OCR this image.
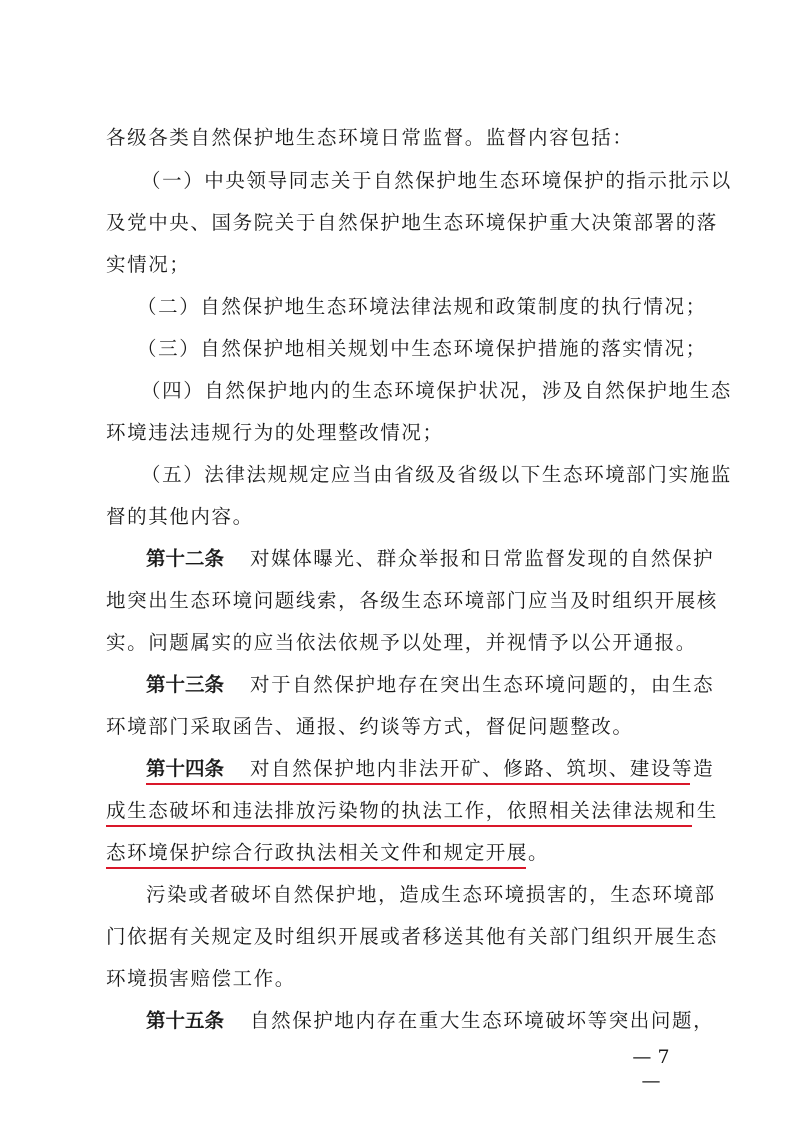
各级各类自然保护地生态环境日常监督。监督内容包括：
（一）中央领导同志关于自然保护地生态环境保护的指示批示以
及党中央、国务院关于自然保护地生态环境保护重大决策部署的落
实情况；
（二）自然保护地生态环境法律法规和政策制度的执行情况；
（三）自然保护地相关规划中生态环境保护措施的落实情况；
（四）自然保护地内的生态环境保护状况，涉及自然保护地生态
环境违法违规行为的处理整改情况；
（五）法律法规规定应当由省级及省级以下生态环境部门实施监
督的其他内容。
第十二条 对媒体曝光、群众举报和日常监督发现的自然保护
地突出生态环境问题线索，各级生态环境部门应当及时组织开展核
实。问题属实的应当依法依规予以处理，并视情予以公开通报。
第十三条 对于自然保护地存在突出生态环境问题的，由生态
环境部门采取函告、通报、约谈等方式，督促问题整改。
第十四条 对自然保护地内非法开矿、修路、筑坝、建设等造
成生态破坏和违法排放污染物的执法工作，依照相关法律法规和生
态环境保护综合行政执法相关文件和规定开展。
污染或者破坏自然保护地，造成生态环境损害的，生态环境部
门依据有关规定及时组织开展或者移送其他有关部门组织开展生态
环境损害赔偿工作。
第十五条 自然保护地内存在重大生态环境破坏等突出问题，
— 7 —
